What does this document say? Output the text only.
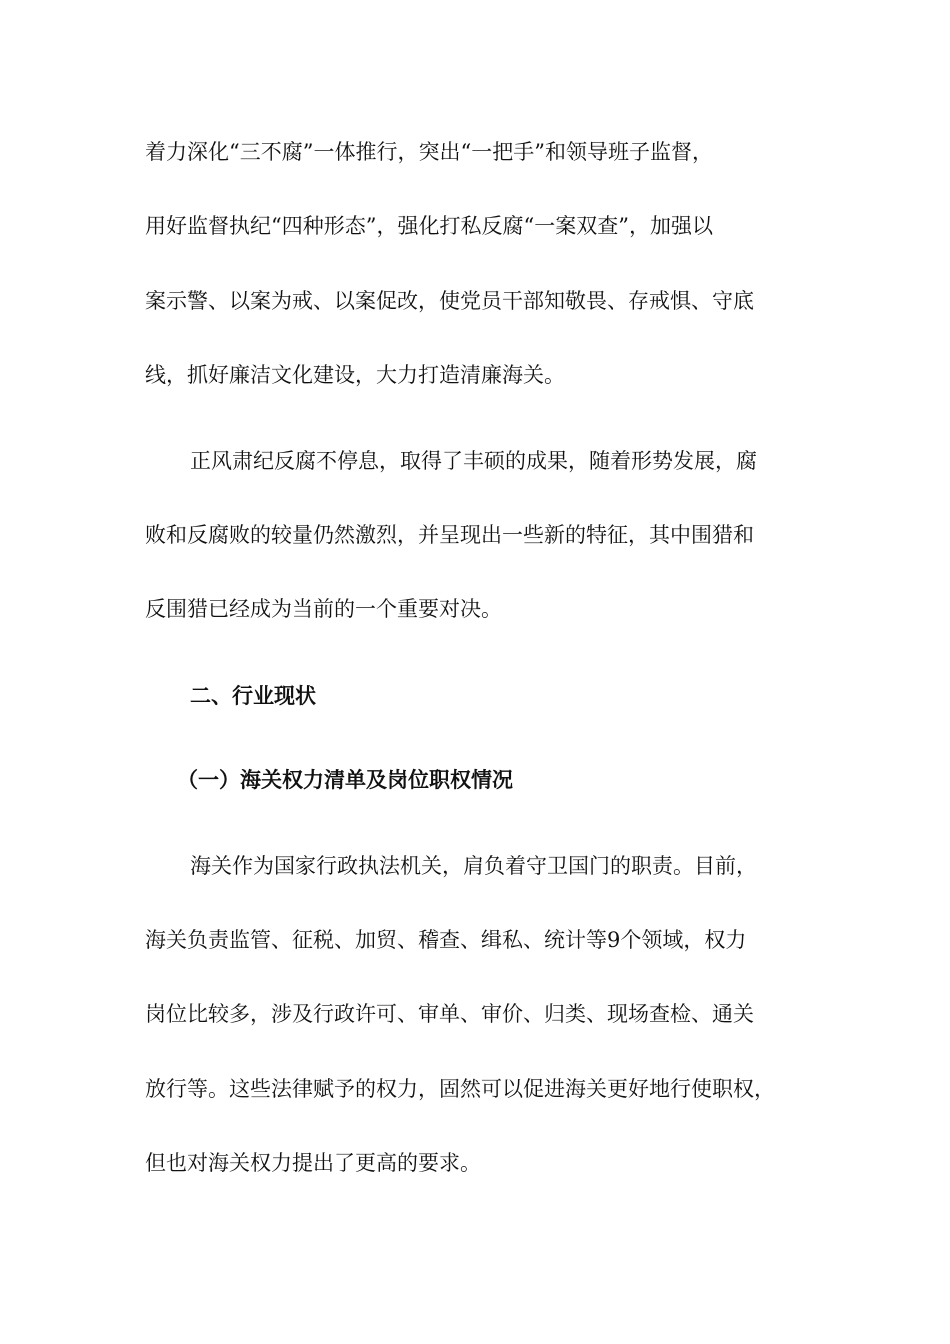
着力深化“三不腐”一体推行，突出“一把手”和领导班子监督，
用好监督执纪“四种形态”，强化打私反腐“一案双查”，加强以
案示警、以案为戒、以案促改，使党员干部知敬畏、存戒惧、守底
线，抓好廉洁文化建设，大力打造清廉海关。
正风肃纪反腐不停息，取得了丰硕的成果，随着形势发展，腐
败和反腐败的较量仍然激烈，并呈现出一些新的特征，其中围猎和
反围猎已经成为当前的一个重要对决。
二、行业现状
（一）海关权力清单及岗位职权情况
海关作为国家行政执法机关，肩负着守卫国门的职责。目前，
海关负责监管、征税、加贸、稽查、缉私、统计等9个领域，权力
岗位比较多，涉及行政许可、审单、审价、归类、现场查检、通关
放行等。这些法律赋予的权力，固然可以促进海关更好地行使职权，
但也对海关权力提出了更高的要求。
